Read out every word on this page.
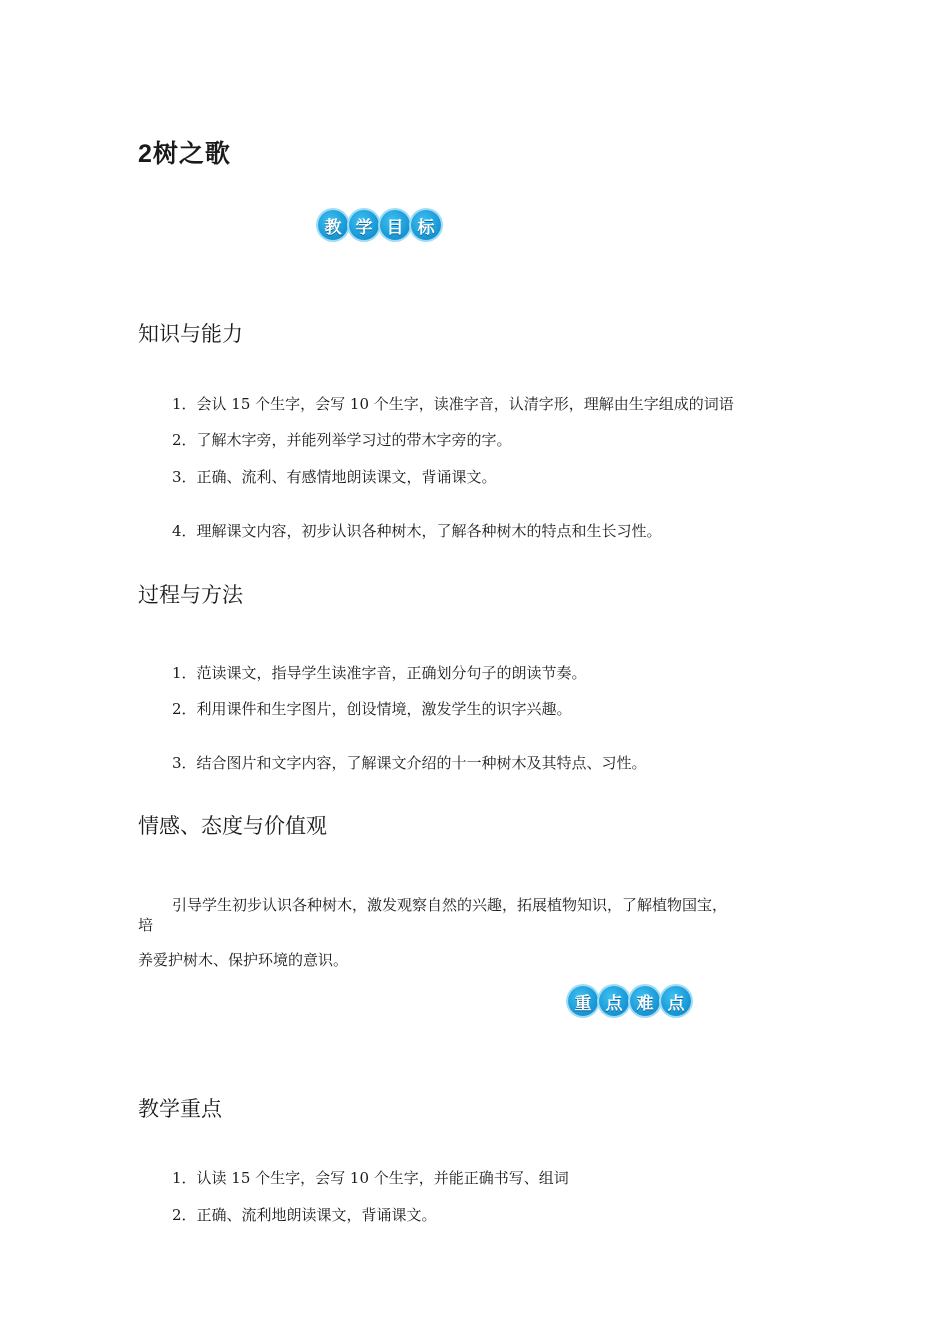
2树之歌
教 学 目 标
知识与能力
1．会认 15 个生字，会写 10 个生字，读准字音，认清字形，理解由生字组成的词语
2．了解木字旁，并能列举学习过的带木字旁的字。
3．正确、流利、有感情地朗读课文，背诵课文。
4．理解课文内容，初步认识各种树木，了解各种树木的特点和生长习性。
过程与方法
1．范读课文，指导学生读准字音，正确划分句子的朗读节奏。
2．利用课件和生字图片，创设情境，激发学生的识字兴趣。
3．结合图片和文字内容，了解课文介绍的十一种树木及其特点、习性。
情感、态度与价值观
引导学生初步认识各种树木，激发观察自然的兴趣，拓展植物知识，了解植物国宝，
培
养爱护树木、保护环境的意识。
重 点 难 点
教学重点
1．认读 15 个生字，会写 10 个生字，并能正确书写、组词
2．正确、流利地朗读课文，背诵课文。
